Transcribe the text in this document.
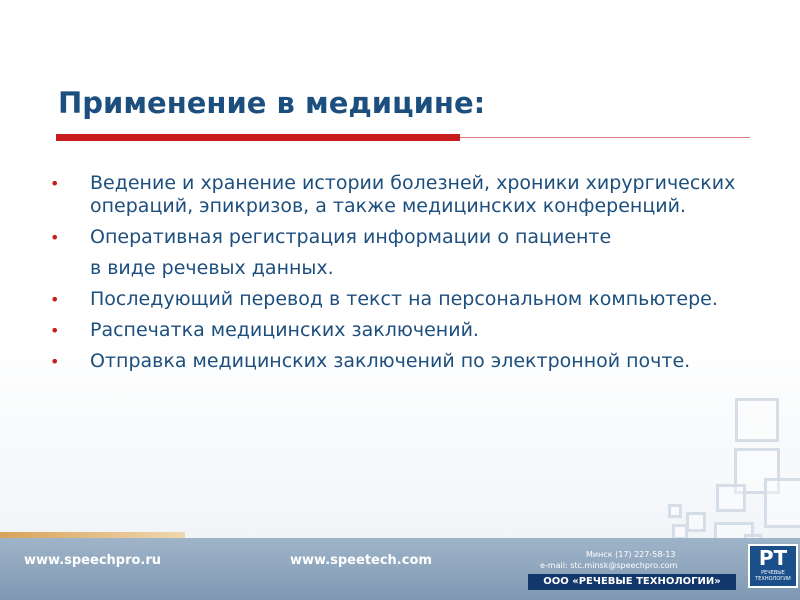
Применение в медицине:
• Ведение и хранение истории болезней, хроники хирургических операций, эпикризов, а также медицинских конференций.
• Оперативная регистрация информации о пациенте
в виде речевых данных.
• Последующий перевод в текст на персональном компьютере.
• Распечатка медицинских заключений.
• Отправка медицинских заключений по электронной почте.
www.speechpro.ru	www.speetech.com	Минск (17) 227-58-13
e-mail: stc.minsk@speechpro.com
ООО «РЕЧЕВЫЕ ТЕХНОЛОГИИ»
PT
РЕЧЕВЫЕ ТЕХНОЛОГИИ
